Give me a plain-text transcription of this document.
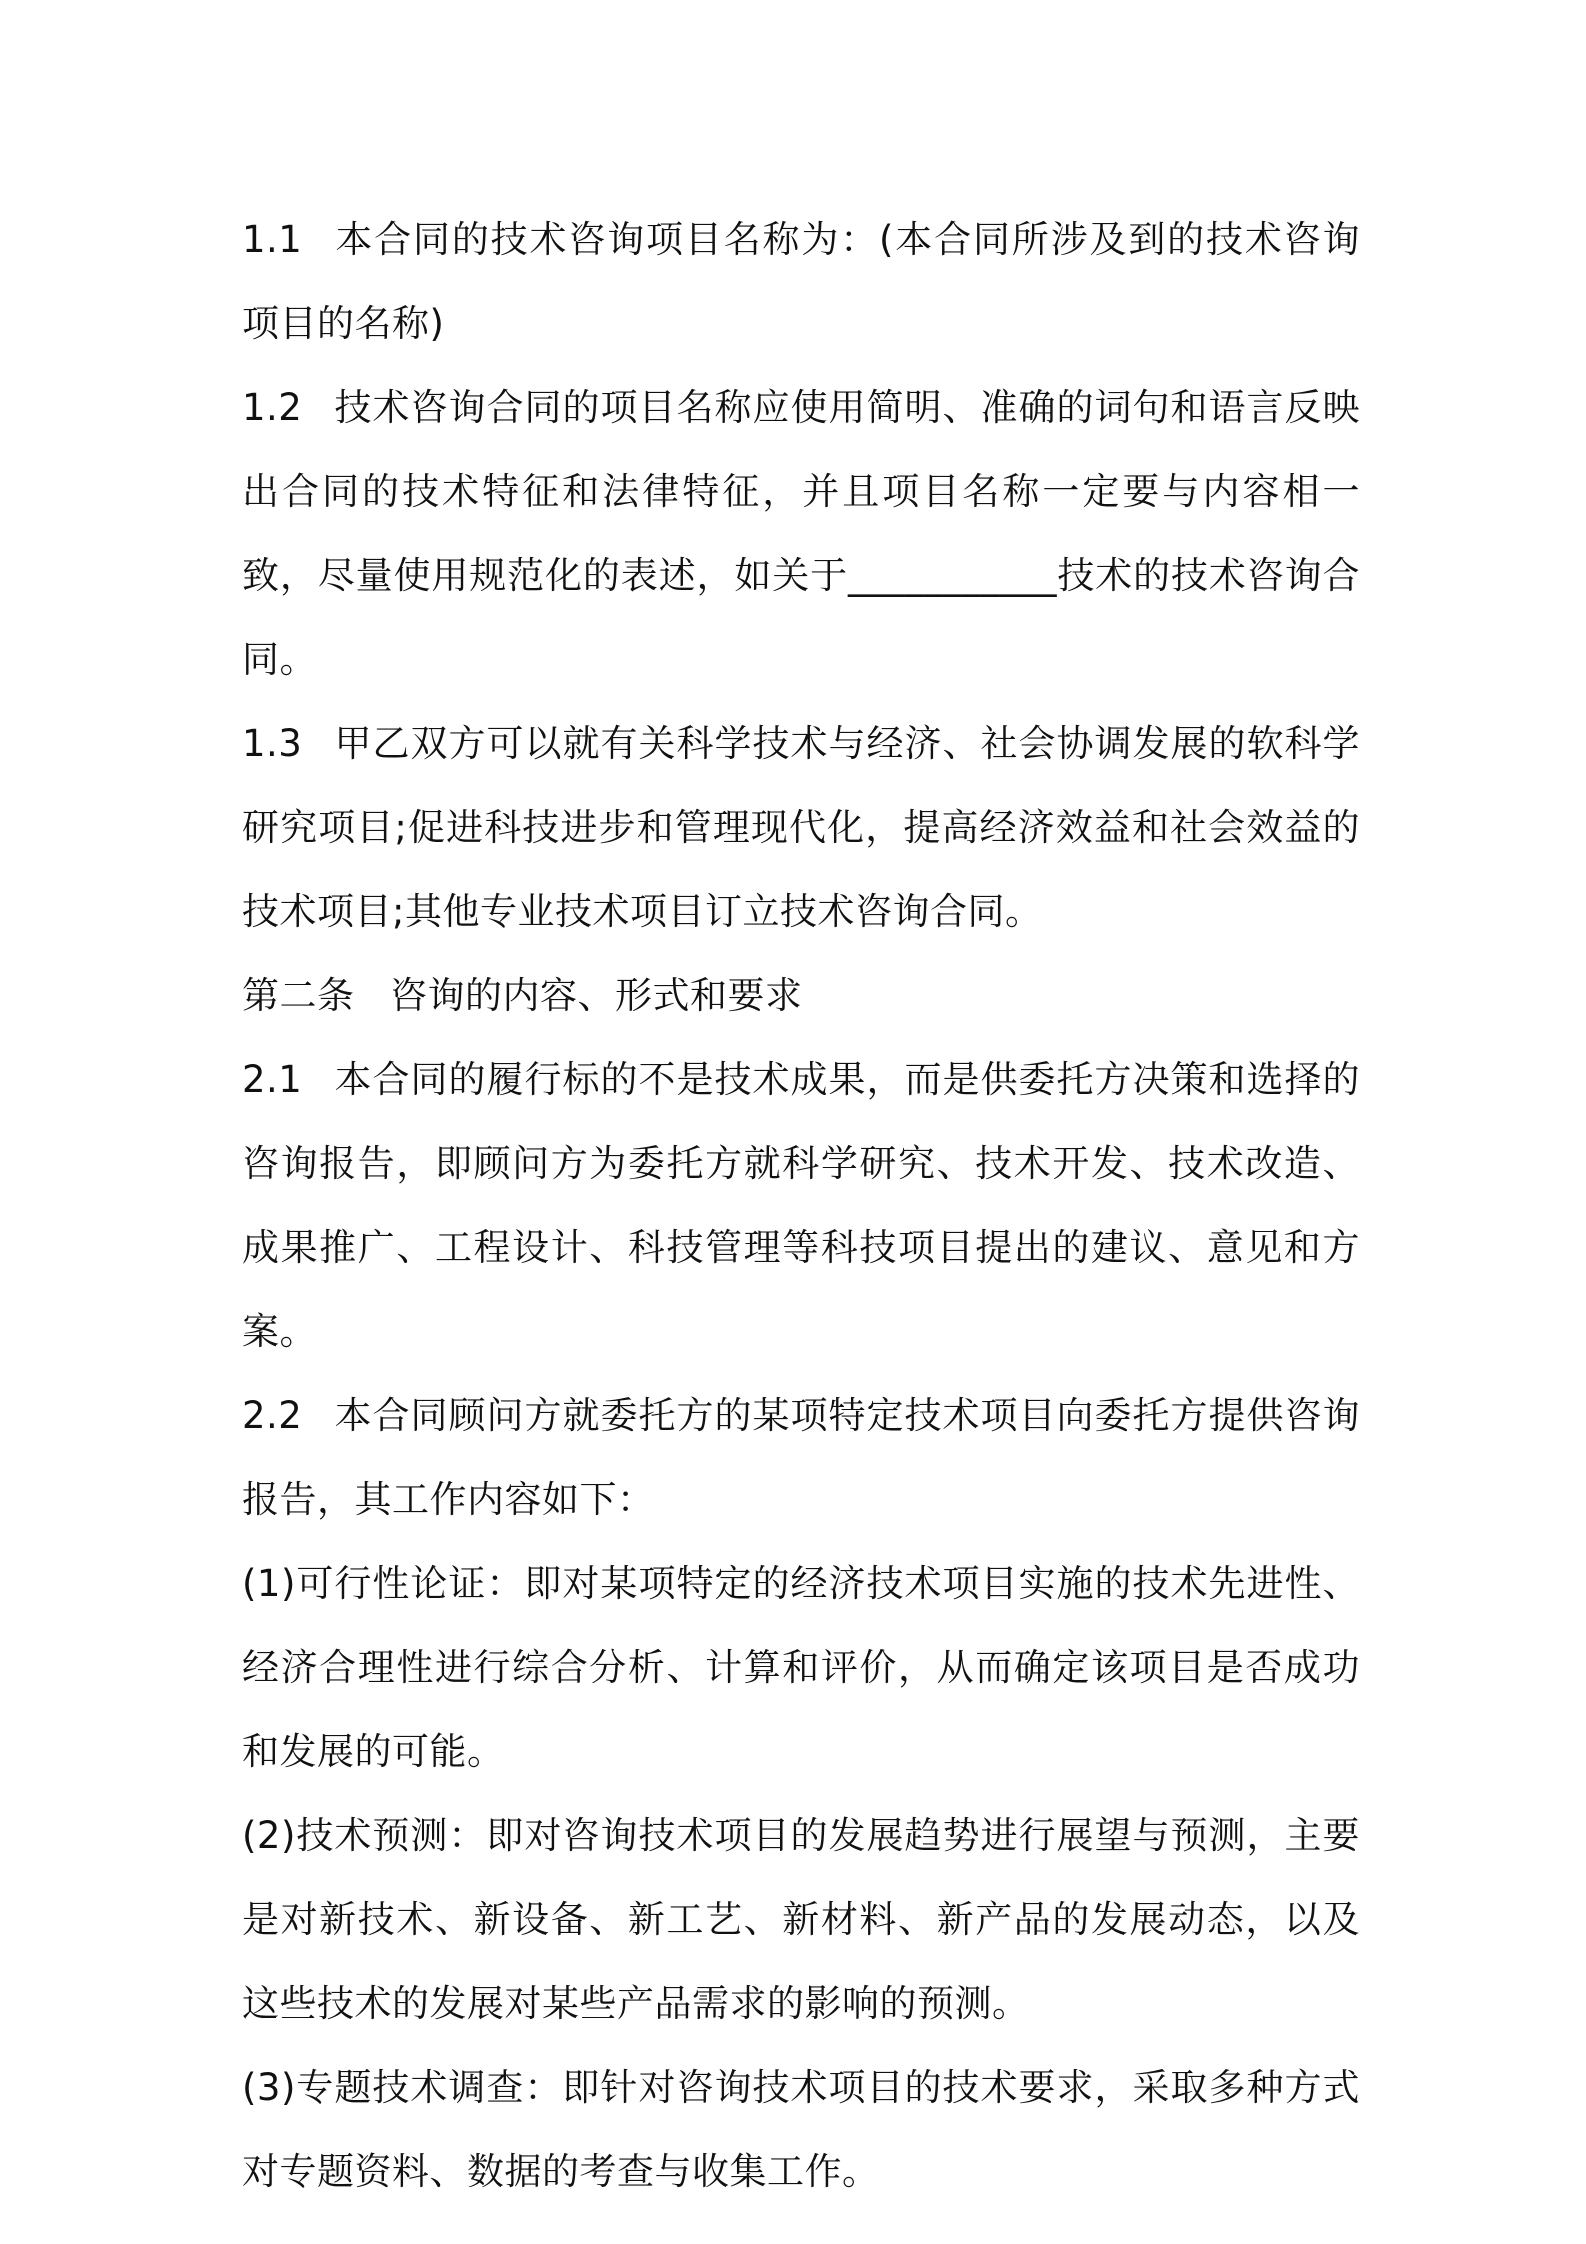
1.1 本合同的技术咨询项目名称为：(本合同所涉及到的技术咨询项目的名称)

1.2 技术咨询合同的项目名称应使用简明、准确的词句和语言反映出合同的技术特征和法律特征，并且项目名称一定要与内容相一致，尽量使用规范化的表述，如关于___________技术的技术咨询合同。

1.3 甲乙双方可以就有关科学技术与经济、社会协调发展的软科学研究项目;促进科技进步和管理现代化，提高经济效益和社会效益的技术项目;其他专业技术项目订立技术咨询合同。

第二条 咨询的内容、形式和要求

2.1 本合同的履行标的不是技术成果，而是供委托方决策和选择的咨询报告，即顾问方为委托方就科学研究、技术开发、技术改造、成果推广、工程设计、科技管理等科技项目提出的建议、意见和方案。

2.2 本合同顾问方就委托方的某项特定技术项目向委托方提供咨询报告，其工作内容如下：

(1)可行性论证：即对某项特定的经济技术项目实施的技术先进性、经济合理性进行综合分析、计算和评价，从而确定该项目是否成功和发展的可能。

(2)技术预测：即对咨询技术项目的发展趋势进行展望与预测，主要是对新技术、新设备、新工艺、新材料、新产品的发展动态，以及这些技术的发展对某些产品需求的影响的预测。

(3)专题技术调查：即针对咨询技术项目的技术要求，采取多种方式对专题资料、数据的考查与收集工作。
